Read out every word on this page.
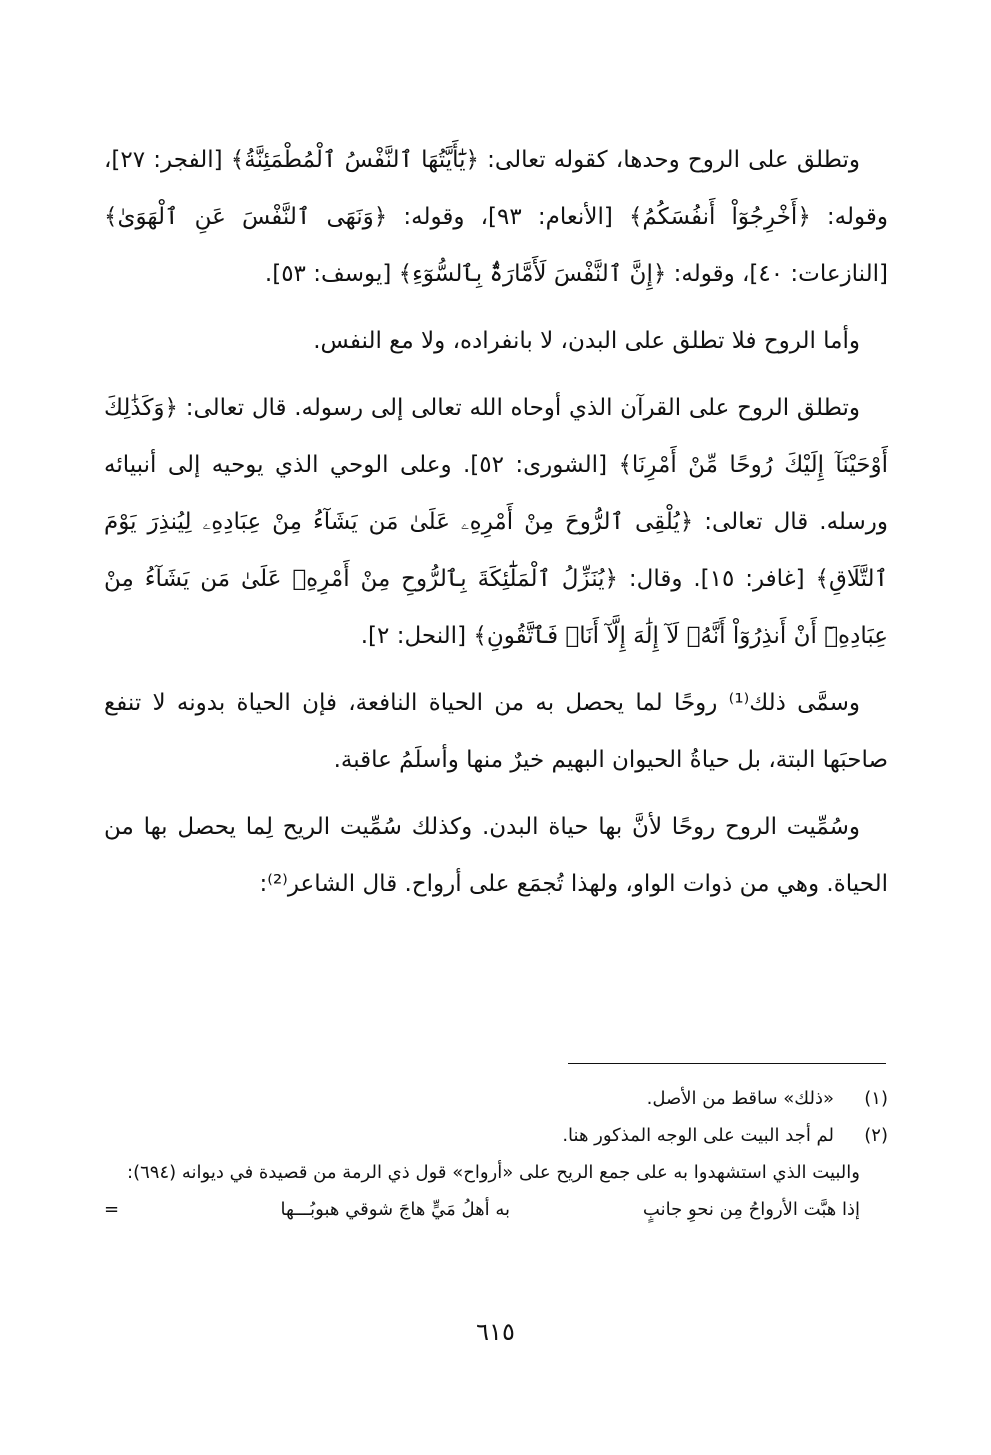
وتطلق على الروح وحدها، كقوله تعالى: ﴿يَٰٓأَيَّتُهَا ٱلنَّفْسُ ٱلْمُطْمَئِنَّةُ﴾ [الفجر: ٢٧]، وقوله: ﴿أَخْرِجُوٓاْ أَنفُسَكُمُ﴾ [الأنعام: ٩٣]، وقوله: ﴿وَنَهَى ٱلنَّفْسَ عَنِ ٱلْهَوَىٰ﴾ [النازعات: ٤٠]، وقوله: ﴿إِنَّ ٱلنَّفْسَ لَأَمَّارَةٌۢ بِٱلسُّوٓءِ﴾ [يوسف: ٥٣].

وأما الروح فلا تطلق على البدن، لا بانفراده، ولا مع النفس.

وتطلق الروح على القرآن الذي أوحاه الله تعالى إلى رسوله. قال تعالى: ﴿وَكَذَٰلِكَ أَوْحَيْنَآ إِلَيْكَ رُوحًا مِّنْ أَمْرِنَا﴾ [الشورى: ٥٢]. وعلى الوحي الذي يوحيه إلى أنبيائه ورسله. قال تعالى: ﴿يُلْقِى ٱلرُّوحَ مِنْ أَمْرِهِۦ عَلَىٰ مَن يَشَآءُ مِنْ عِبَادِهِۦ لِيُنذِرَ يَوْمَ ٱلتَّلَاقِ﴾ [غافر: ١٥]. وقال: ﴿يُنَزِّلُ ٱلْمَلَٰٓئِكَةَ بِٱلرُّوحِ مِنْ أَمْرِهِۦ عَلَىٰ مَن يَشَآءُ مِنْ عِبَادِهِۦٓ أَنْ أَنذِرُوٓاْ أَنَّهُۥ لَآ إِلَٰهَ إِلَّآ أَنَا۠ فَٱتَّقُونِ﴾ [النحل: ٢].

وسمَّى ذلك⁽¹⁾ روحًا لما يحصل به من الحياة النافعة، فإن الحياة بدونه لا تنفع صاحبَها البتة، بل حياةُ الحيوان البهيم خيرٌ منها وأسلَمُ عاقبة.

وسُمِّيت الروح روحًا لأنَّ بها حياة البدن. وكذلك سُمِّيت الريح لِما يحصل بها من الحياة. وهي من ذوات الواو، ولهذا تُجمَع على أرواح. قال الشاعر⁽²⁾:

(١)
«ذلك» ساقط من الأصل.
(٢)
لم أجد البيت على الوجه المذكور هنا.

والبيت الذي استشهدوا به على جمع الريح على «أرواح» قول ذي الرمة من قصيدة في ديوانه (٦٩٤):

إذا هبَّت الأرواحُ مِن نحوِ جانبٍ
به أهلُ مَيٍّ هاجَ شوقي هبوبُـــها
=
٦١٥
